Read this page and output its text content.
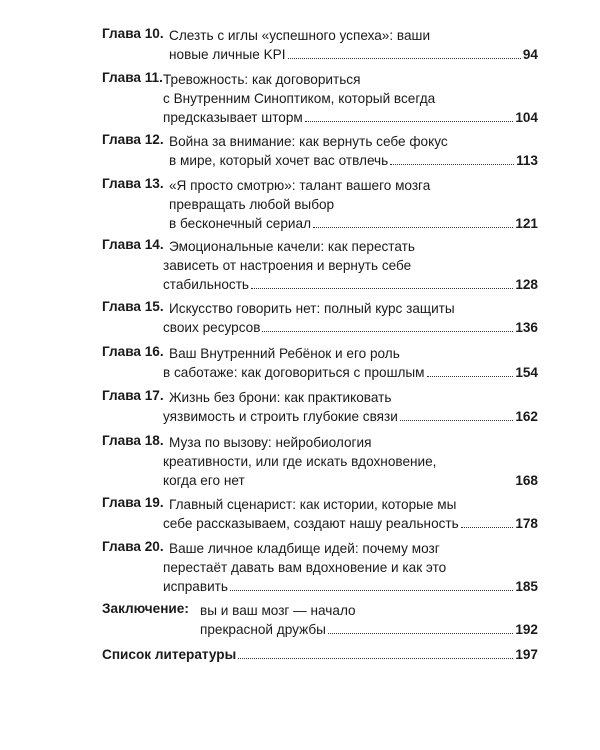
Глава 10. Слезть с иглы «успешного успеха»: ваши
новые личные KPI	94
Глава 11. Тревожность: как договориться
с Внутренним Синоптиком, который всегда
предсказывает шторм	104
Глава 12. Война за внимание: как вернуть себе фокус
в мире, который хочет вас отвлечь	113
Глава 13. «Я просто смотрю»: талант вашего мозга
превращать любой выбор
в бесконечный сериал	121
Глава 14. Эмоциональные качели: как перестать
зависеть от настроения и вернуть себе
стабильность	128
Глава 15. Искусство говорить нет: полный курс защиты
своих ресурсов	136
Глава 16. Ваш Внутренний Ребёнок и его роль
в саботаже: как договориться с прошлым	154
Глава 17. Жизнь без брони: как практиковать
уязвимость и строить глубокие связи	162
Глава 18. Муза по вызову: нейробиология
креативности, или где искать вдохновение,
когда его нет	168
Глава 19. Главный сценарист: как истории, которые мы
себе рассказываем, создают нашу реальность	178
Глава 20. Ваше личное кладбище идей: почему мозг
перестаёт давать вам вдохновение и как это
исправить	185
Заключение: вы и ваш мозг — начало
прекрасной дружбы	192
Список литературы	197
